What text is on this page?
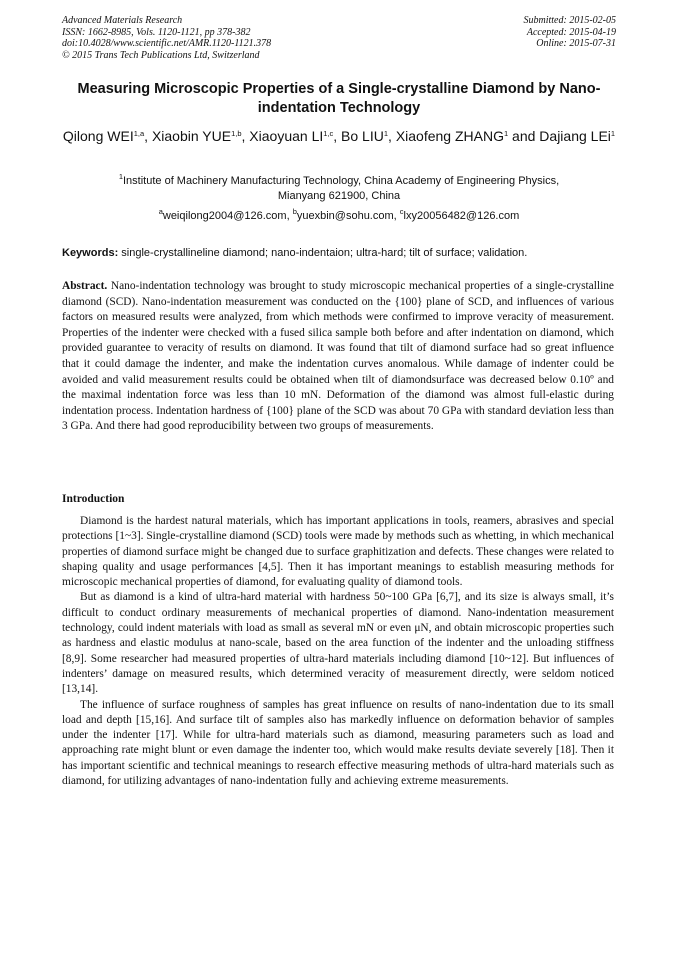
Advanced Materials Research
ISSN: 1662-8985, Vols. 1120-1121, pp 378-382
doi:10.4028/www.scientific.net/AMR.1120-1121.378
© 2015 Trans Tech Publications Ltd, Switzerland
Submitted: 2015-02-05
Accepted: 2015-04-19
Online: 2015-07-31
Measuring Microscopic Properties of a Single-crystalline Diamond by Nano-indentation Technology
Qilong WEI$^{1,a}$, Xiaobin YUE$^{1,b}$, Xiaoyuan LI$^{1,c}$, Bo LIU$^1$, Xiaofeng ZHANG$^1$ and Dajiang LEi$^1$
$^1$Institute of Machinery Manufacturing Technology, China Academy of Engineering Physics,
Mianyang 621900, China
$^a$weiqilong2004@126.com, $^b$yuexbin@sohu.com, $^c$lxy20056482@126.com
Keywords: single-crystallineline diamond; nano-indentaion; ultra-hard; tilt of surface; validation.
Abstract. Nano-indentation technology was brought to study microscopic mechanical properties of a single-crystalline diamond (SCD). Nano-indentation measurement was conducted on the {100} plane of SCD, and influences of various factors on measured results were analyzed, from which methods were confirmed to improve veracity of measurement. Properties of the indenter were checked with a fused silica sample both before and after indentation on diamond, which provided guarantee to veracity of results on diamond. It was found that tilt of diamond surface had so great influence that it could damage the indenter, and make the indentation curves anomalous. While damage of indenter could be avoided and valid measurement results could be obtained when tilt of diamondsurface was decreased below 0.10º and the maximal indentation force was less than 10 mN. Deformation of the diamond was almost full-elastic during indentation process. Indentation hardness of {100} plane of the SCD was about 70 GPa with standard deviation less than 3 GPa. And there had good reproducibility between two groups of measurements.
Introduction

Diamond is the hardest natural materials, which has important applications in tools, reamers, abrasives and special protections [1~3]. Single-crystalline diamond (SCD) tools were made by methods such as whetting, in which mechanical properties of diamond surface might be changed due to surface graphitization and defects. These changes were related to shaping quality and usage performances [4,5]. Then it has important meanings to establish measuring methods for microscopic mechanical properties of diamond, for evaluating quality of diamond tools.

But as diamond is a kind of ultra-hard material with hardness 50~100 GPa [6,7], and its size is always small, it’s difficult to conduct ordinary measurements of mechanical properties of diamond. Nano-indentation measurement technology, could indent materials with load as small as several mN or even μN, and obtain microscopic properties such as hardness and elastic modulus at nano-scale, based on the area function of the indenter and the unloading stiffness [8,9]. Some researcher had measured properties of ultra-hard materials including diamond [10~12]. But influences of indenters’ damage on measured results, which determined veracity of measurement directly, were seldom noticed [13,14].

The influence of surface roughness of samples has great influence on results of nano-indentation due to its small load and depth [15,16]. And surface tilt of samples also has markedly influence on deformation behavior of samples under the indenter [17]. While for ultra-hard materials such as diamond, measuring parameters such as load and approaching rate might blunt or even damage the indenter too, which would make results deviate severely [18]. Then it has important scientific and technical meanings to research effective measuring methods of ultra-hard materials such as diamond, for utilizing advantages of nano-indentation fully and achieving extreme measurements.
